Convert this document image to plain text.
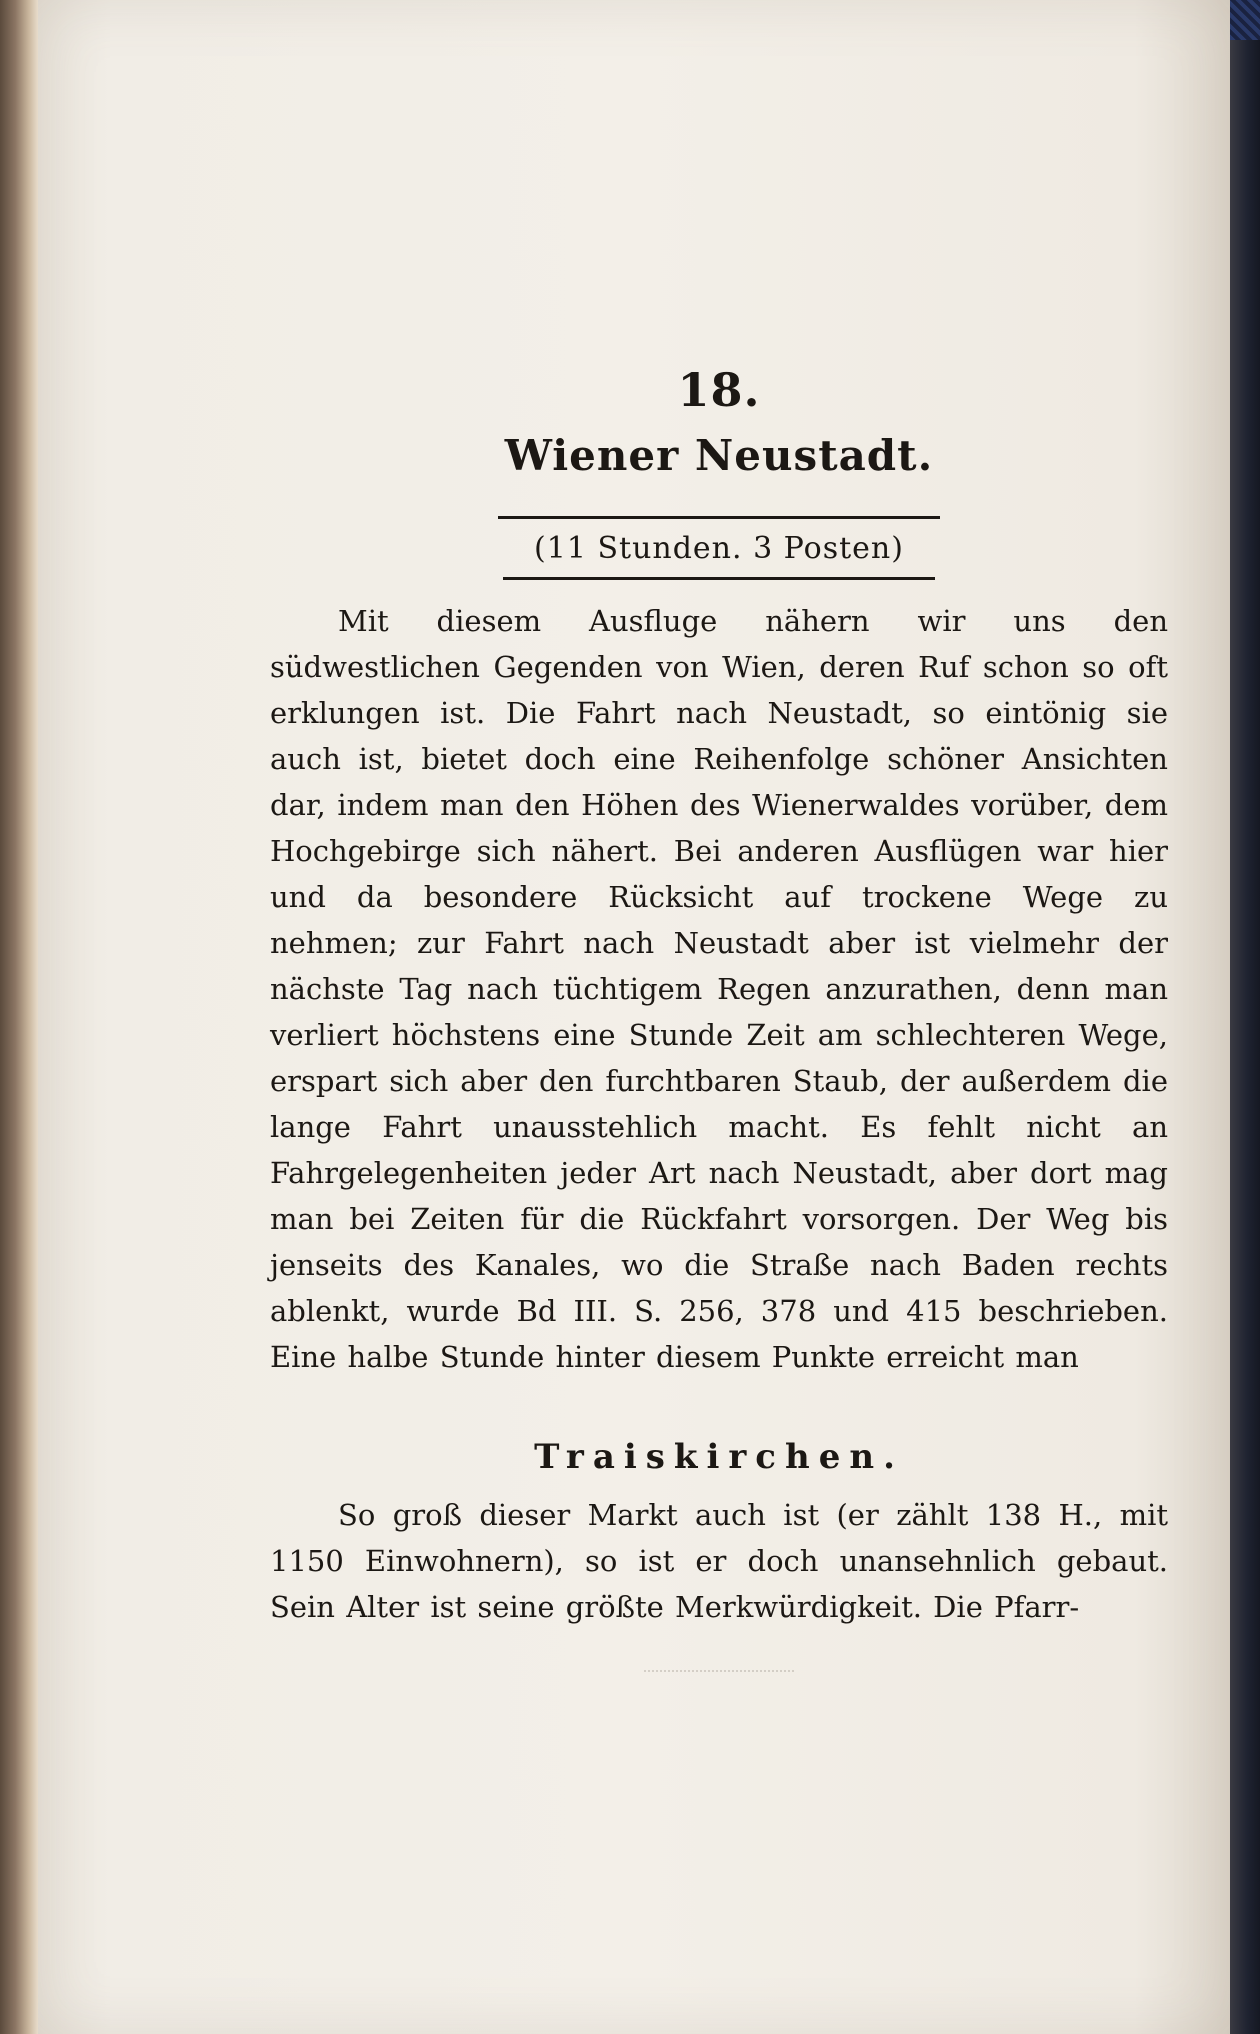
18.
Wiener Neustadt.
(11 Stunden. 3 Posten)

Mit diesem Ausfluge nähern wir uns den südwestlichen Gegenden von Wien, deren Ruf schon so oft erklungen ist. Die Fahrt nach Neustadt, so eintönig sie auch ist, bietet doch eine Reihenfolge schöner Ansichten dar, indem man den Höhen des Wienerwaldes vorüber, dem Hochgebirge sich nähert. Bei anderen Ausflügen war hier und da besondere Rücksicht auf trockene Wege zu nehmen; zur Fahrt nach Neustadt aber ist vielmehr der nächste Tag nach tüchtigem Regen anzurathen, denn man verliert höchstens eine Stunde Zeit am schlechteren Wege, erspart sich aber den furchtbaren Staub, der außerdem die lange Fahrt unausstehlich macht. Es fehlt nicht an Fahrgelegenheiten jeder Art nach Neustadt, aber dort mag man bei Zeiten für die Rückfahrt vorsorgen. Der Weg bis jenseits des Kanales, wo die Straße nach Baden rechts ablenkt, wurde Bd III. S. 256, 378 und 415 beschrieben. Eine halbe Stunde hinter diesem Punkte erreicht man

Traiskirchen.

So groß dieser Markt auch ist (er zählt 138 H., mit 1150 Einwohnern), so ist er doch unansehnlich gebaut. Sein Alter ist seine größte Merkwürdigkeit. Die Pfarr-
